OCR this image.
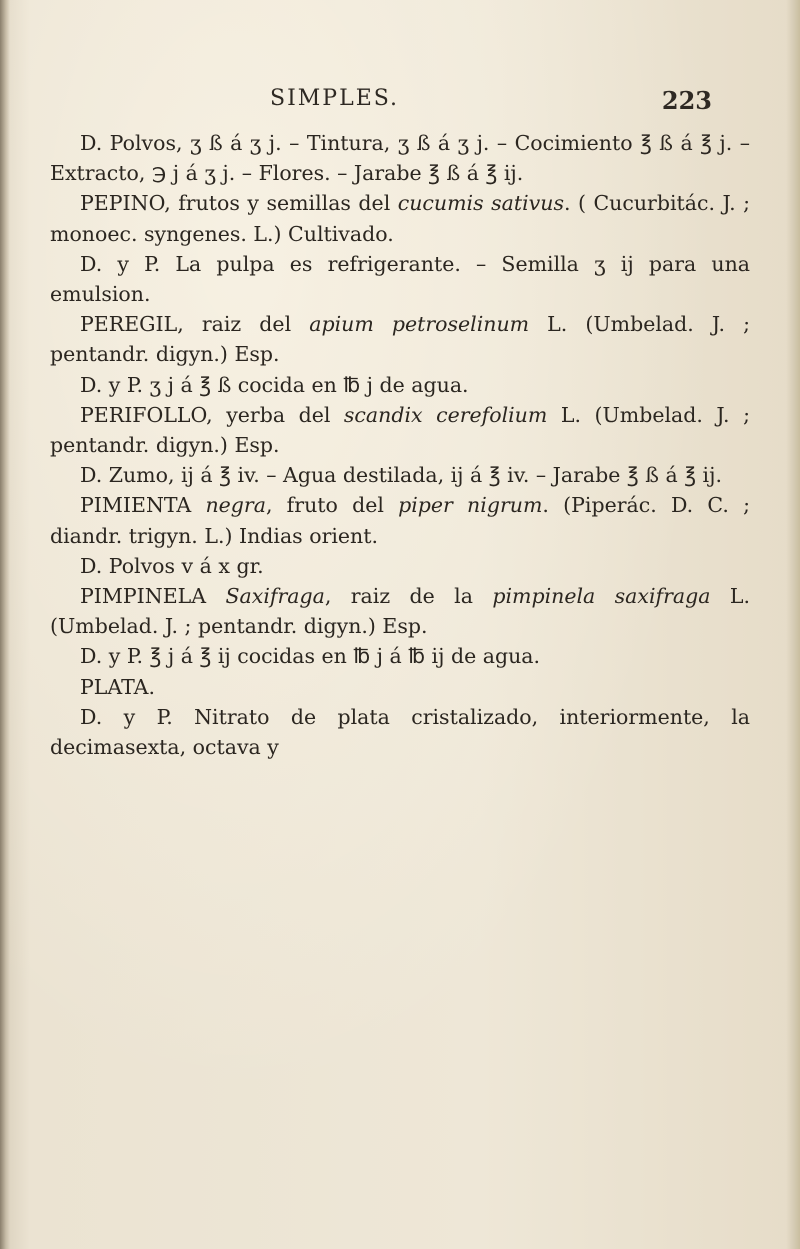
SIMPLES.	223

D. Polvos, ʒ ß á ʒ j. – Tintura, ʒ ß á ʒ j. – Cocimiento ℥ ß á ℥ j. – Extracto, ℈ j á ʒ j. – Flores. – Jarabe ℥ ß á ℥ ij.

PEPINO, frutos y semillas del cucumis sativus. ( Cucurbitác. J. ; monoec. syngenes. L.) Cultivado.

D. y P. La pulpa es refrigerante. – Semilla ʒ ij para una emulsion.

PEREGIL, raiz del apium petroselinum L. (Umbelad. J. ; pentandr. digyn.) Esp.

D. y P. ʒ j á ℥ ß cocida en ℔ j de agua.

PERIFOLLO, yerba del scandix cerefolium L. (Umbelad. J. ; pentandr. digyn.) Esp.

D. Zumo, ij á ℥ iv. – Agua destilada, ij á ℥ iv. – Jarabe ℥ ß á ℥ ij.

PIMIENTA negra, fruto del piper nigrum. (Piperác. D. C. ; diandr. trigyn. L.) Indias orient.

D. Polvos v á x gr.

PIMPINELA Saxifraga, raiz de la pimpinela saxifraga L. (Umbelad. J. ; pentandr. digyn.) Esp.

D. y P. ℥ j á ℥ ij cocidas en ℔ j á ℔ ij de agua.

PLATA.

D. y P. Nitrato de plata cristalizado, interiormente, la decimasexta, octava y
